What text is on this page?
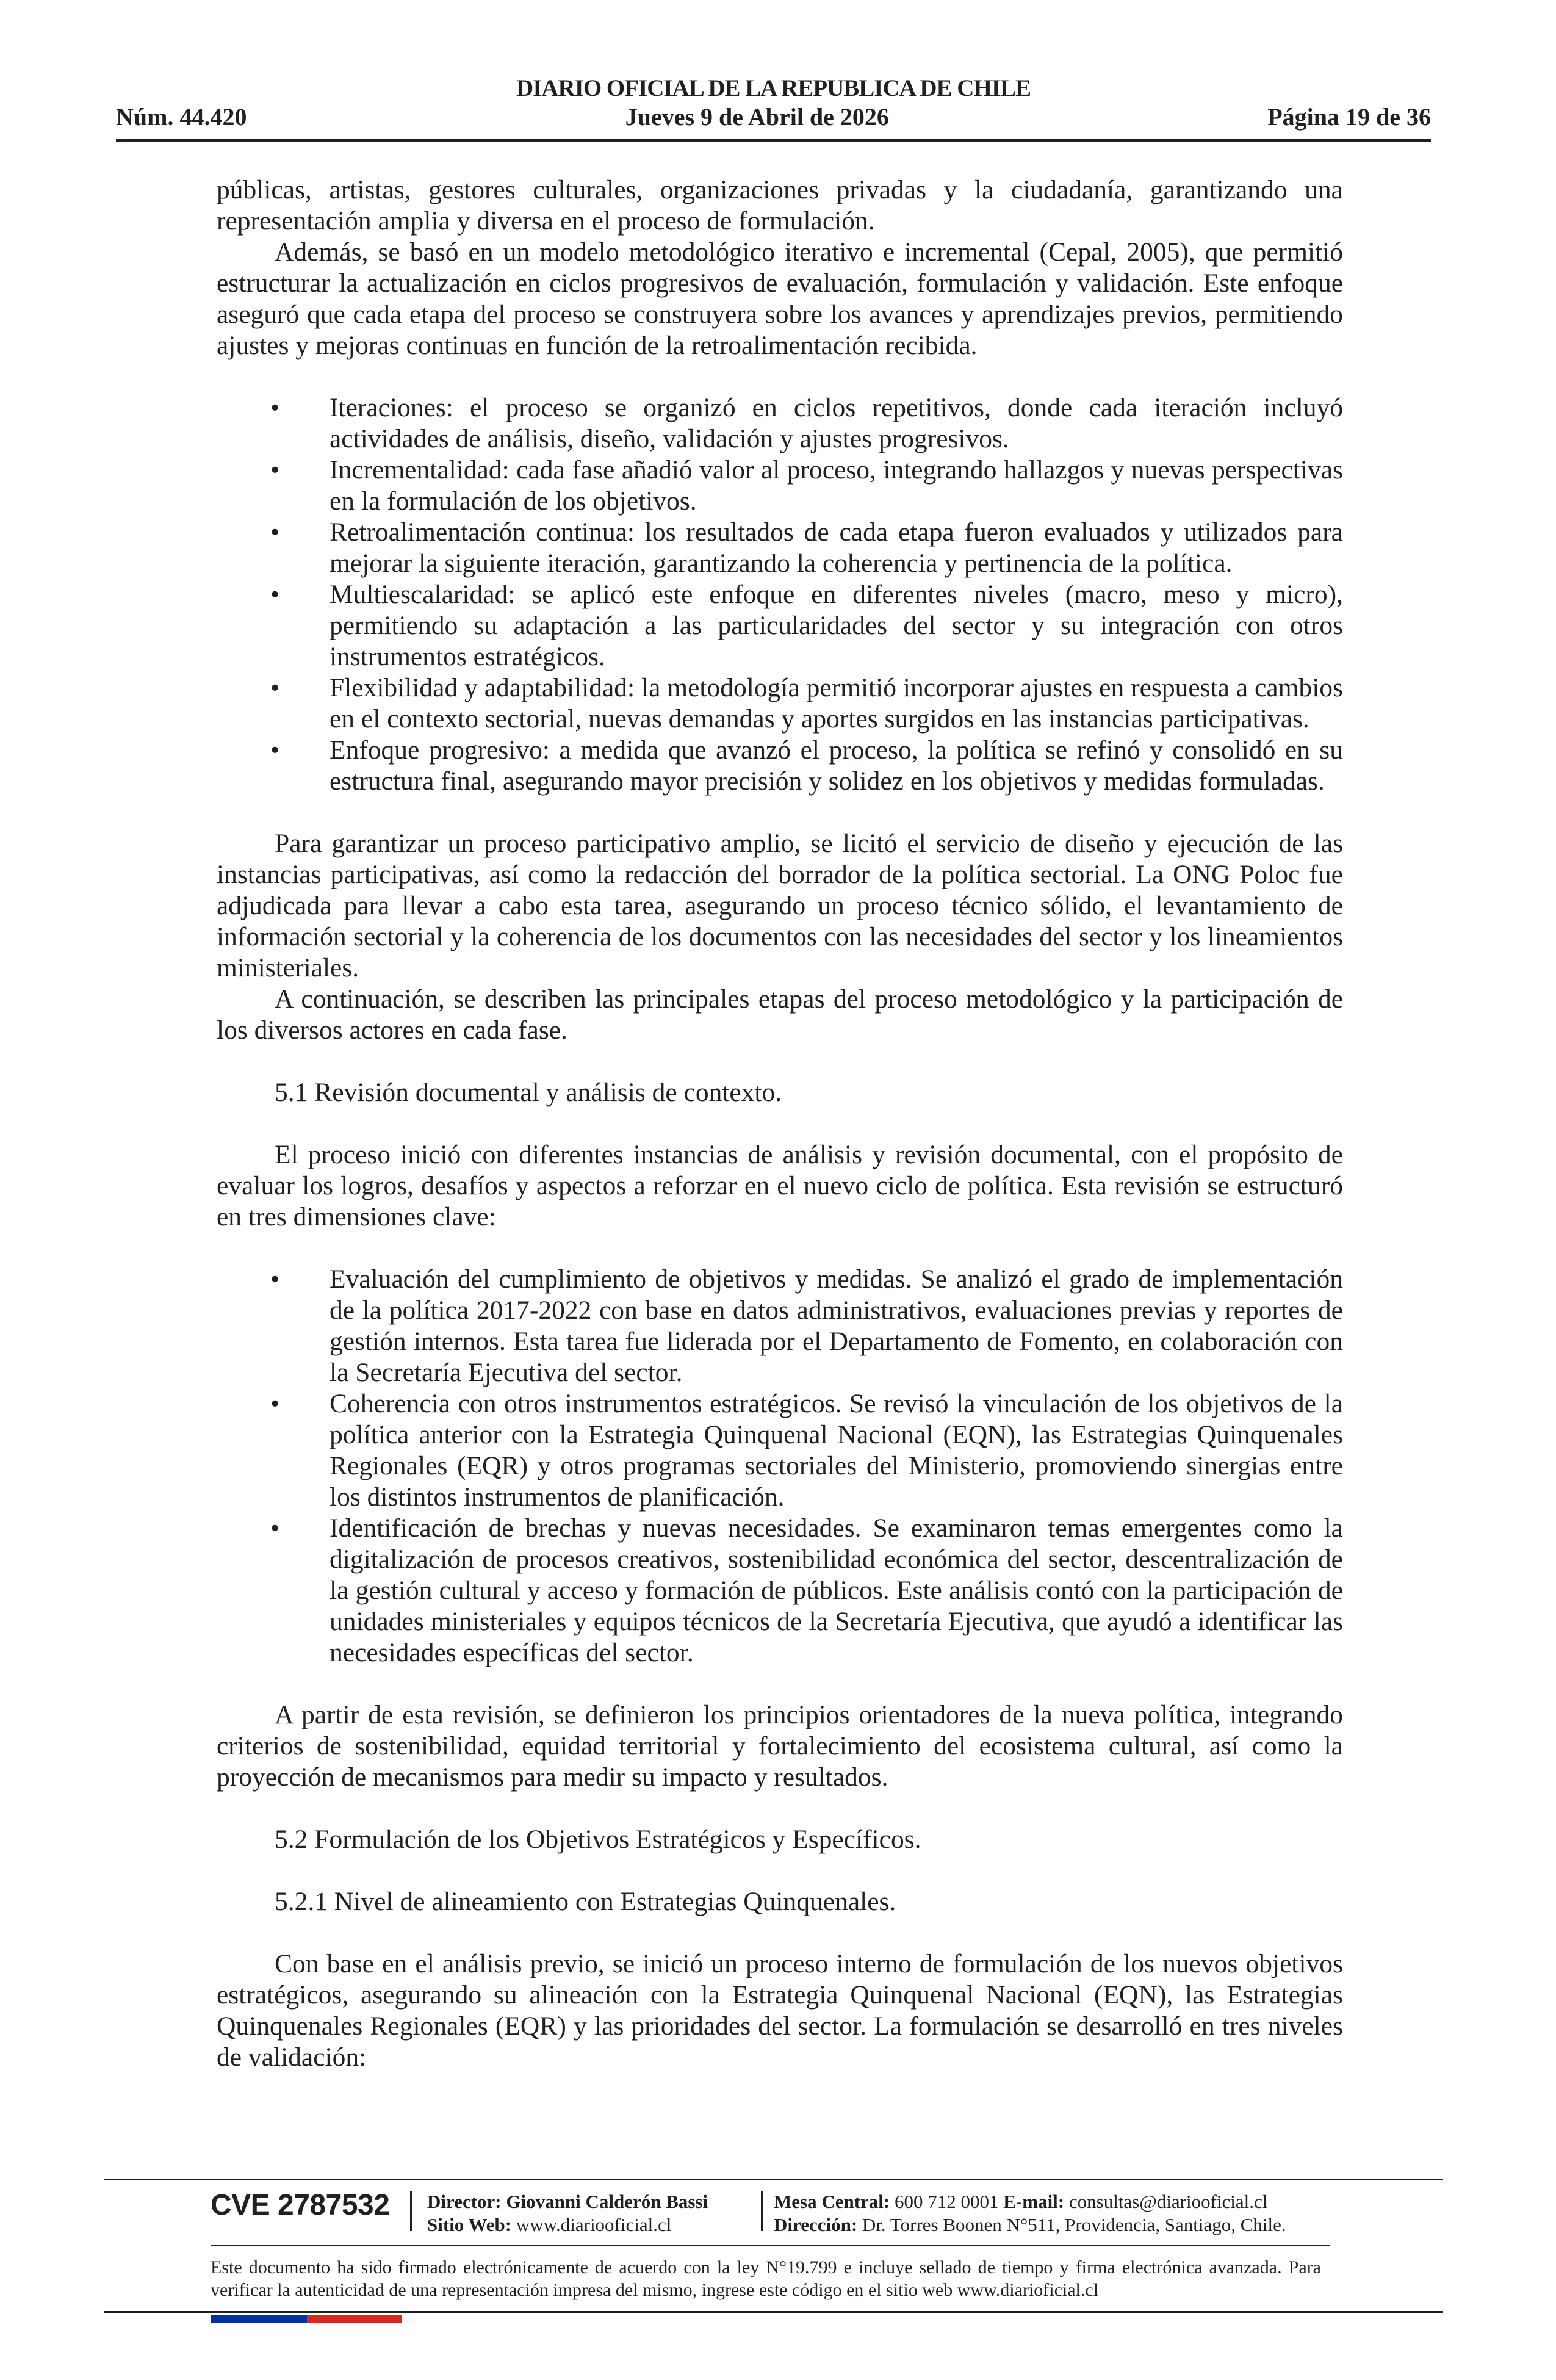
DIARIO OFICIAL DE LA REPUBLICA DE CHILE
Núm. 44.420	Jueves 9 de Abril de 2026	Página 19 de 36

públicas, artistas, gestores culturales, organizaciones privadas y la ciudadanía, garantizando una representación amplia y diversa en el proceso de formulación.

Además, se basó en un modelo metodológico iterativo e incremental (Cepal, 2005), que permitió estructurar la actualización en ciclos progresivos de evaluación, formulación y validación. Este enfoque aseguró que cada etapa del proceso se construyera sobre los avances y aprendizajes previos, permitiendo ajustes y mejoras continuas en función de la retroalimentación recibida.

• Iteraciones: el proceso se organizó en ciclos repetitivos, donde cada iteración incluyó actividades de análisis, diseño, validación y ajustes progresivos.
• Incrementalidad: cada fase añadió valor al proceso, integrando hallazgos y nuevas perspectivas en la formulación de los objetivos.
• Retroalimentación continua: los resultados de cada etapa fueron evaluados y utilizados para mejorar la siguiente iteración, garantizando la coherencia y pertinencia de la política.
• Multiescalaridad: se aplicó este enfoque en diferentes niveles (macro, meso y micro), permitiendo su adaptación a las particularidades del sector y su integración con otros instrumentos estratégicos.
• Flexibilidad y adaptabilidad: la metodología permitió incorporar ajustes en respuesta a cambios en el contexto sectorial, nuevas demandas y aportes surgidos en las instancias participativas.
• Enfoque progresivo: a medida que avanzó el proceso, la política se refinó y consolidó en su estructura final, asegurando mayor precisión y solidez en los objetivos y medidas formuladas.

Para garantizar un proceso participativo amplio, se licitó el servicio de diseño y ejecución de las instancias participativas, así como la redacción del borrador de la política sectorial. La ONG Poloc fue adjudicada para llevar a cabo esta tarea, asegurando un proceso técnico sólido, el levantamiento de información sectorial y la coherencia de los documentos con las necesidades del sector y los lineamientos ministeriales.

A continuación, se describen las principales etapas del proceso metodológico y la participación de los diversos actores en cada fase.

5.1 Revisión documental y análisis de contexto.

El proceso inició con diferentes instancias de análisis y revisión documental, con el propósito de evaluar los logros, desafíos y aspectos a reforzar en el nuevo ciclo de política. Esta revisión se estructuró en tres dimensiones clave:

• Evaluación del cumplimiento de objetivos y medidas. Se analizó el grado de implementación de la política 2017-2022 con base en datos administrativos, evaluaciones previas y reportes de gestión internos. Esta tarea fue liderada por el Departamento de Fomento, en colaboración con la Secretaría Ejecutiva del sector.
• Coherencia con otros instrumentos estratégicos. Se revisó la vinculación de los objetivos de la política anterior con la Estrategia Quinquenal Nacional (EQN), las Estrategias Quinquenales Regionales (EQR) y otros programas sectoriales del Ministerio, promoviendo sinergias entre los distintos instrumentos de planificación.
• Identificación de brechas y nuevas necesidades. Se examinaron temas emergentes como la digitalización de procesos creativos, sostenibilidad económica del sector, descentralización de la gestión cultural y acceso y formación de públicos. Este análisis contó con la participación de unidades ministeriales y equipos técnicos de la Secretaría Ejecutiva, que ayudó a identificar las necesidades específicas del sector.

A partir de esta revisión, se definieron los principios orientadores de la nueva política, integrando criterios de sostenibilidad, equidad territorial y fortalecimiento del ecosistema cultural, así como la proyección de mecanismos para medir su impacto y resultados.

5.2 Formulación de los Objetivos Estratégicos y Específicos.

5.2.1 Nivel de alineamiento con Estrategias Quinquenales.

Con base en el análisis previo, se inició un proceso interno de formulación de los nuevos objetivos estratégicos, asegurando su alineación con la Estrategia Quinquenal Nacional (EQN), las Estrategias Quinquenales Regionales (EQR) y las prioridades del sector. La formulación se desarrolló en tres niveles de validación:

CVE 2787532 Director: Giovanni Calderón Bassi
Sitio Web: www.diariooficial.cl
Mesa Central: 600 712 0001 E-mail: consultas@diariooficial.cl
Dirección: Dr. Torres Boonen N°511, Providencia, Santiago, Chile.
Este documento ha sido firmado electrónicamente de acuerdo con la ley N°19.799 e incluye sellado de tiempo y firma electrónica avanzada. Para verificar la autenticidad de una representación impresa del mismo, ingrese este código en el sitio web www.diarioficial.cl
